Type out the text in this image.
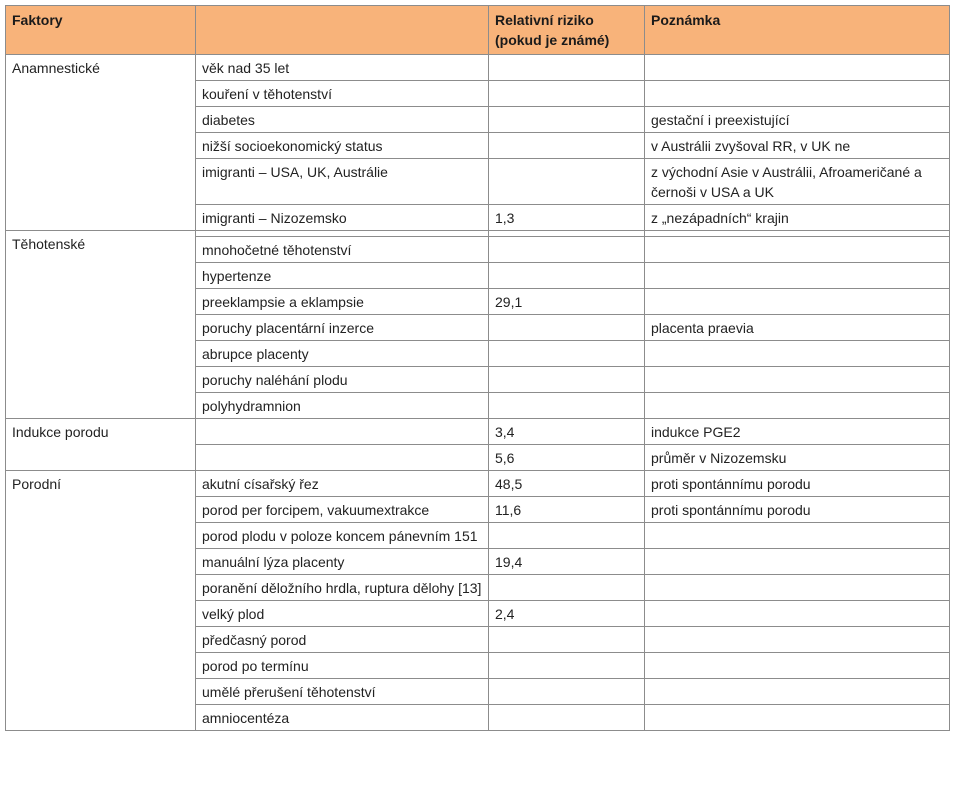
Faktory		Relativní riziko (pokud je známé)	Poznámka
Anamnestické	věk nad 35 let		
	kouření v těhotenství		
	diabetes		gestační i preexistující
	nižší socioekonomický status		v Austrálii zvyšoval RR, v UK ne
	imigranti – USA, UK, Austrálie		z východní Asie v Austrálii, Afroameričané a černoši v USA a UK
	imigranti – Nizozemsko	1,3	z „nezápadních“ krajin
Těhotenské			
	mnohočetné těhotenství		
	hypertenze		
	preeklampsie a eklampsie	29,1	
	poruchy placentární inzerce		placenta praevia
	abrupce placenty		
	poruchy naléhání plodu		
	polyhydramnion		
Indukce porodu		3,4	indukce PGE2
		5,6	průměr v Nizozemsku
Porodní	akutní císařský řez	48,5	proti spontánnímu porodu
	porod per forcipem, vakuumextrakce	11,6	proti spontánnímu porodu
	porod plodu v poloze koncem pánevním 151		
	manuální lýza placenty	19,4	
	poranění děložního hrdla, ruptura dělohy [13]		
	velký plod	2,4	
	předčasný porod		
	porod po termínu		
	umělé přerušení těhotenství		
	amniocentéza		
